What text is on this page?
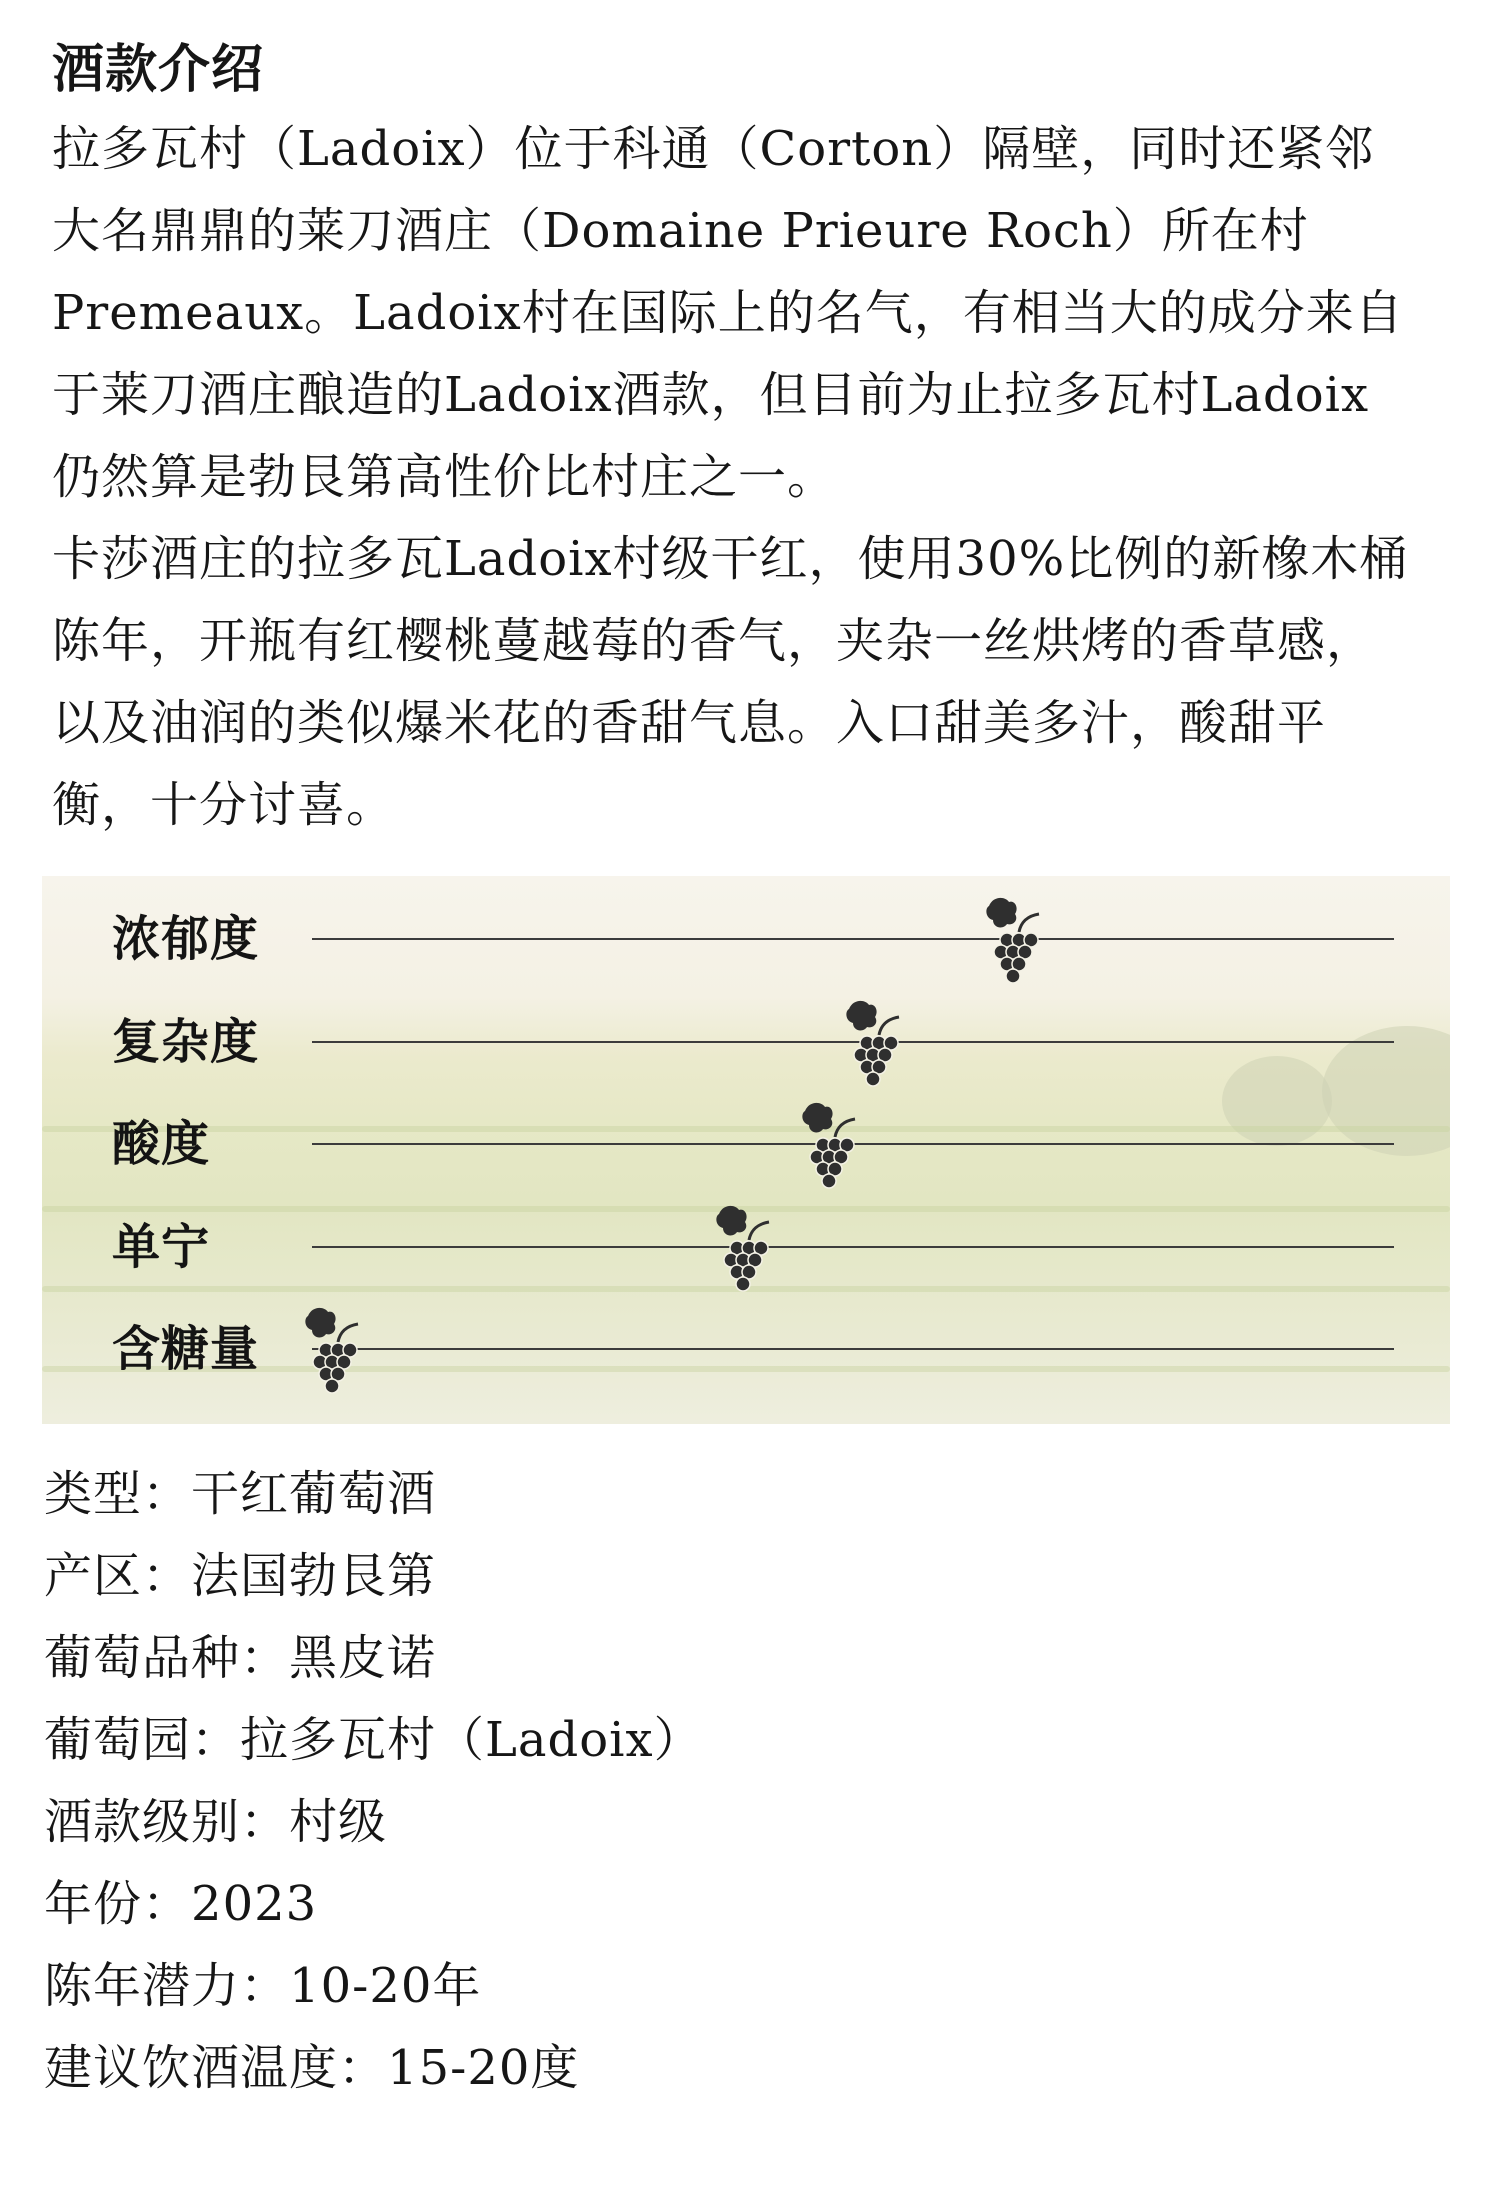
酒款介绍
拉多瓦村（Ladoix）位于科通（Corton）隔壁，同时还紧邻
大名鼎鼎的莱刀酒庄（Domaine Prieure Roch）所在村
Premeaux。Ladoix村在国际上的名气，有相当大的成分来自
于莱刀酒庄酿造的Ladoix酒款，但目前为止拉多瓦村Ladoix
仍然算是勃艮第高性价比村庄之一。
卡莎酒庄的拉多瓦Ladoix村级干红，使用30%比例的新橡木桶
陈年，开瓶有红樱桃蔓越莓的香气，夹杂一丝烘烤的香草感，
以及油润的类似爆米花的香甜气息。入口甜美多汁，酸甜平
衡，十分讨喜。
浓郁度
复杂度
酸度
单宁
含糖量
类型：干红葡萄酒
产区：法国勃艮第
葡萄品种：黑皮诺
葡萄园：拉多瓦村（Ladoix）
酒款级别：村级
年份：2023
陈年潜力：10-20年
建议饮酒温度：15-20度
